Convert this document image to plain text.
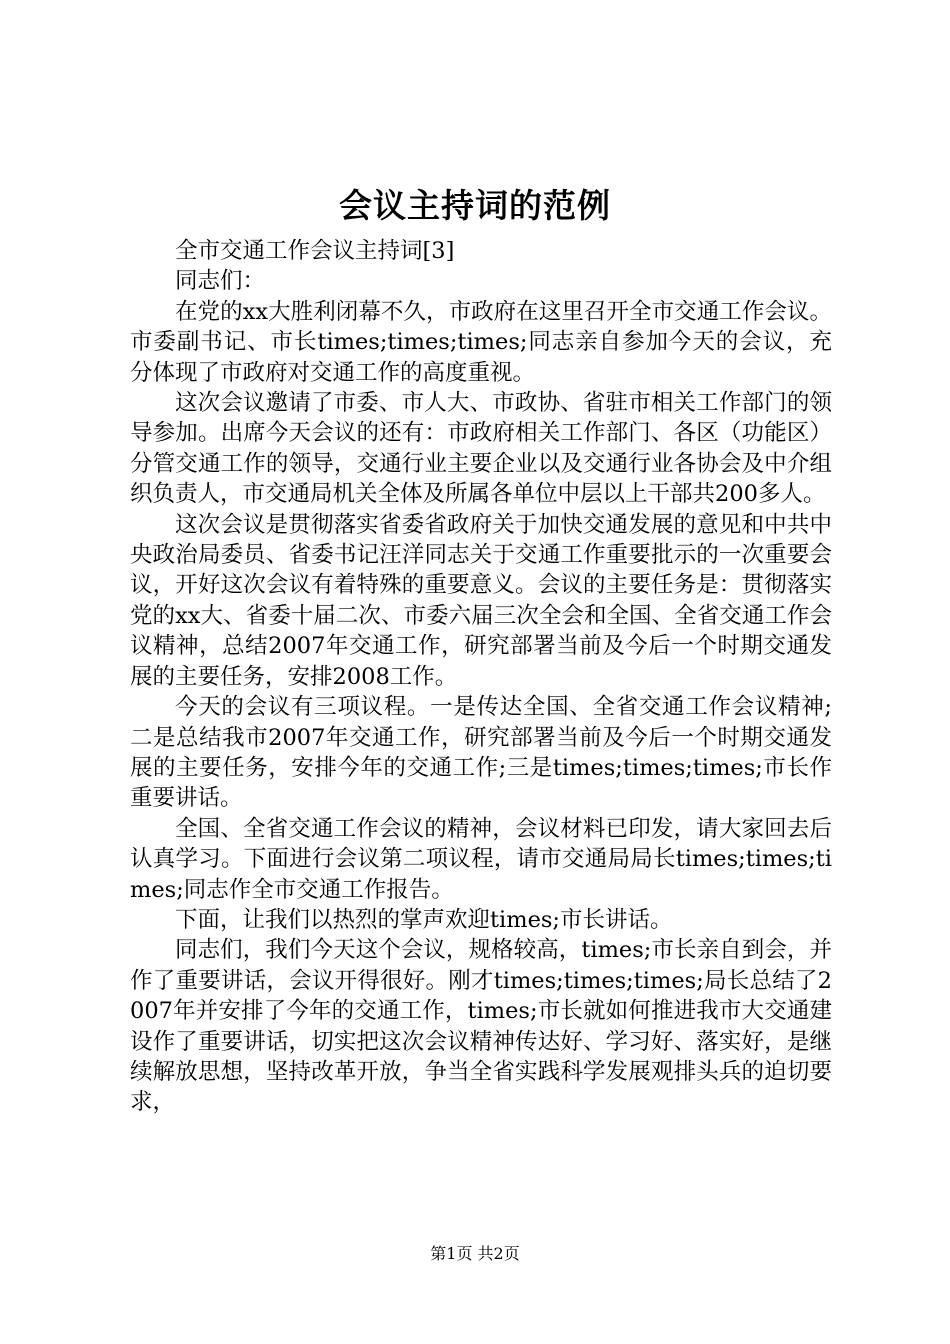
会议主持词的范例

全市交通工作会议主持词[3]

同志们：

在党的xx大胜利闭幕不久，市政府在这里召开全市交通工作会议。市委副书记、市长times;times;times;同志亲自参加今天的会议，充分体现了市政府对交通工作的高度重视。

这次会议邀请了市委、市人大、市政协、省驻市相关工作部门的领导参加。出席今天会议的还有：市政府相关工作部门、各区（功能区）分管交通工作的领导，交通行业主要企业以及交通行业各协会及中介组织负责人，市交通局机关全体及所属各单位中层以上干部共200多人。

这次会议是贯彻落实省委省政府关于加快交通发展的意见和中共中央政治局委员、省委书记汪洋同志关于交通工作重要批示的一次重要会议，开好这次会议有着特殊的重要意义。会议的主要任务是：贯彻落实党的xx大、省委十届二次、市委六届三次全会和全国、全省交通工作会议精神，总结2007年交通工作，研究部署当前及今后一个时期交通发展的主要任务，安排2008工作。

今天的会议有三项议程。一是传达全国、全省交通工作会议精神;二是总结我市2007年交通工作，研究部署当前及今后一个时期交通发展的主要任务，安排今年的交通工作;三是times;times;times;市长作重要讲话。

全国、全省交通工作会议的精神，会议材料已印发，请大家回去后认真学习。下面进行会议第二项议程，请市交通局局长times;times;times;同志作全市交通工作报告。

下面，让我们以热烈的掌声欢迎times;市长讲话。

同志们，我们今天这个会议，规格较高，times;市长亲自到会，并作了重要讲话，会议开得很好。刚才times;times;times;局长总结了2007年并安排了今年的交通工作，times;市长就如何推进我市大交通建设作了重要讲话，切实把这次会议精神传达好、学习好、落实好，是继续解放思想，坚持改革开放，争当全省实践科学发展观排头兵的迫切要求，

第1页 共2页
